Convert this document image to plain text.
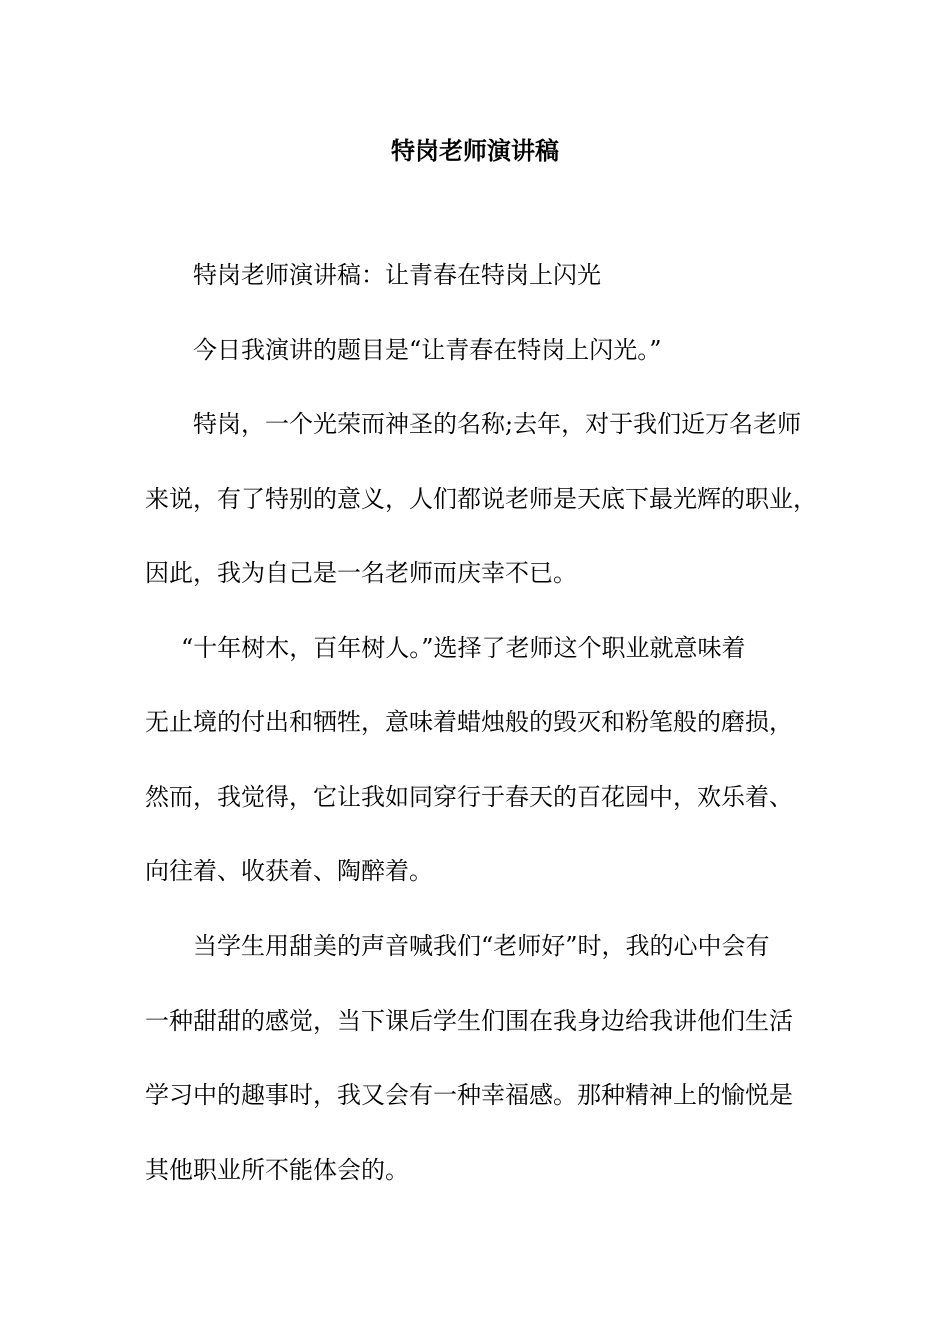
特岗老师演讲稿
特岗老师演讲稿：让青春在特岗上闪光
今日我演讲的题目是“让青春在特岗上闪光。”
特岗，一个光荣而神圣的名称;去年，对于我们近万名老师
来说，有了特别的意义，人们都说老师是天底下最光辉的职业，
因此，我为自己是一名老师而庆幸不已。
“十年树木，百年树人。”选择了老师这个职业就意味着
无止境的付出和牺牲，意味着蜡烛般的毁灭和粉笔般的磨损，
然而，我觉得，它让我如同穿行于春天的百花园中，欢乐着、
向往着、收获着、陶醉着。
当学生用甜美的声音喊我们“老师好”时，我的心中会有
一种甜甜的感觉，当下课后学生们围在我身边给我讲他们生活
学习中的趣事时，我又会有一种幸福感。那种精神上的愉悦是
其他职业所不能体会的。
